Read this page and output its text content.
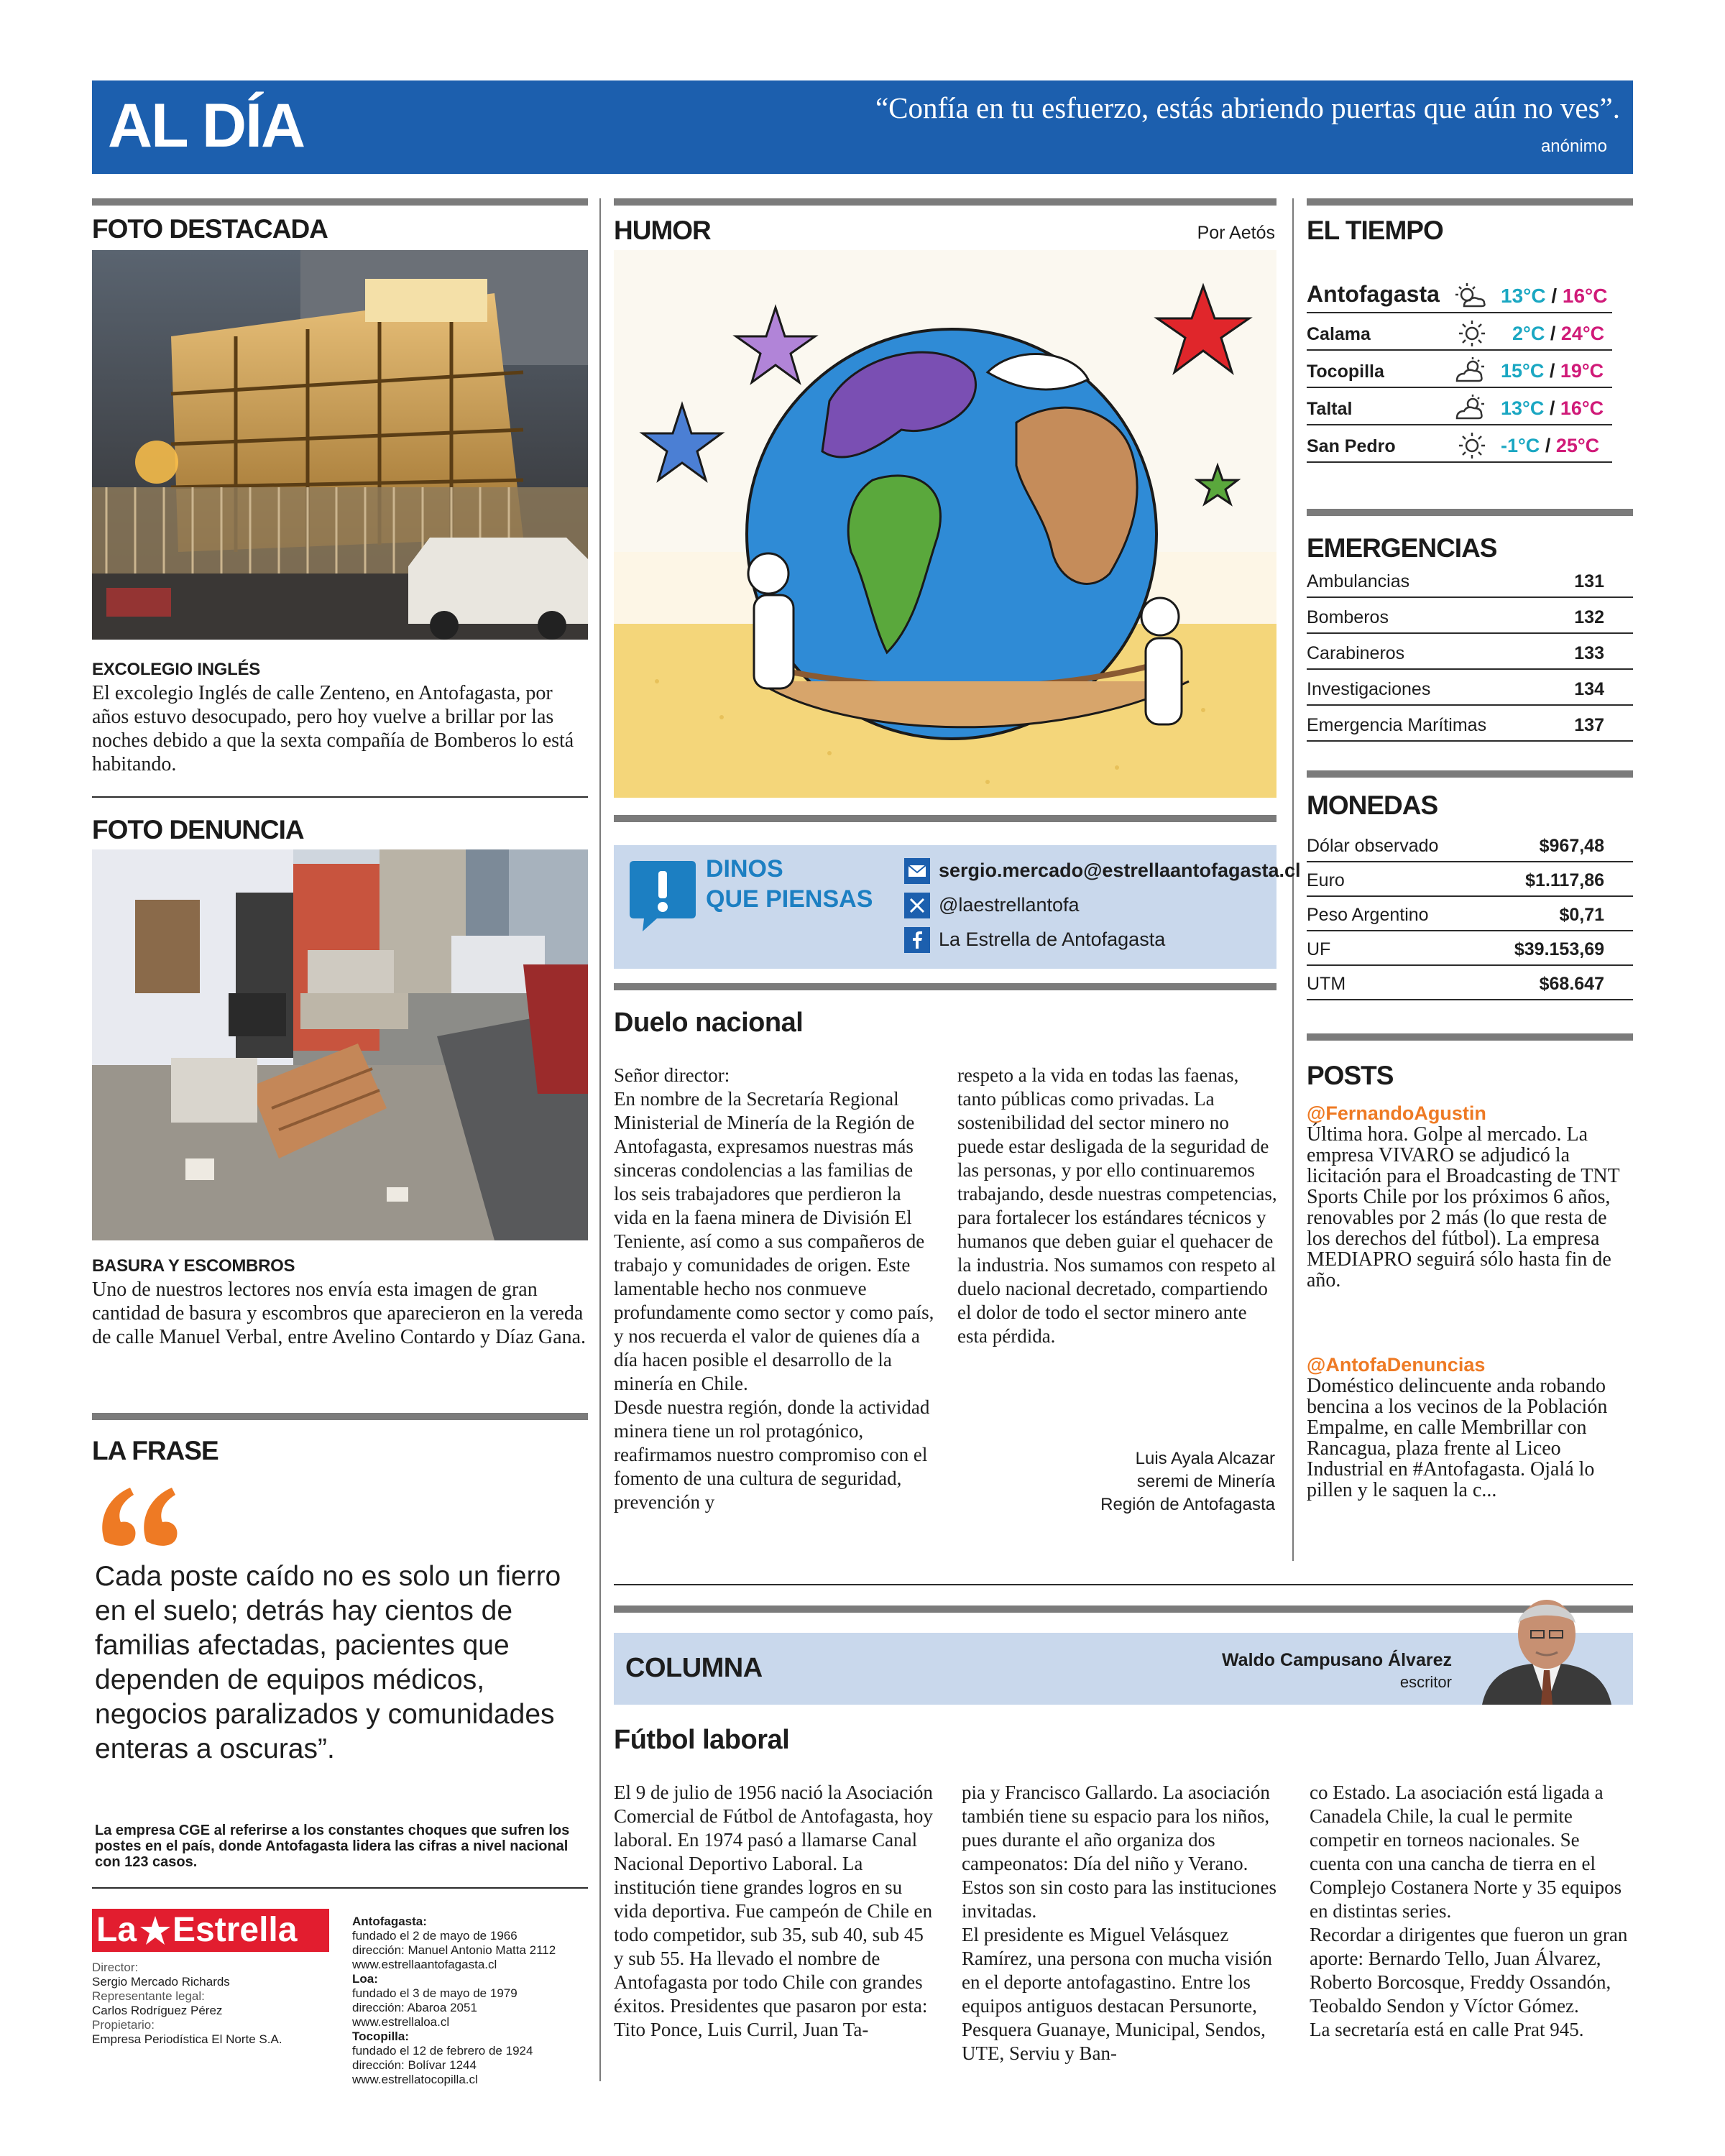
AL DÍA	“Confía en tu esfuerzo, estás abriendo puertas que aún no ves”.
anónimo
FOTO DESTACADA
EXCOLEGIO INGLÉS
El excolegio Inglés de calle Zenteno, en Antofagasta, por años estuvo desocupado, pero hoy vuelve a brillar por las noches debido a que la sexta compañía de Bomberos lo está habitando.
FOTO DENUNCIA
BASURA Y ESCOMBROS
Uno de nuestros lectores nos envía esta imagen de gran cantidad de basura y escombros que aparecieron en la vereda de calle Manuel Verbal, entre Avelino Contardo y Díaz Gana.
LA FRASE
Cada poste caído no es solo un fierro en el suelo; detrás hay cientos de familias afectadas, pacientes que dependen de equipos médicos, negocios paralizados y comunidades enteras a oscuras”.
La empresa CGE al referirse a los constantes choques que sufren los postes en el país, donde Antofagasta lidera las cifras a nivel nacional con 123 casos.
La Estrella
Director:
Sergio Mercado Richards
Representante legal:
Carlos Rodríguez Pérez
Propietario:
Empresa Periodística El Norte S.A.
Antofagasta:
fundado el 2 de mayo de 1966
dirección: Manuel Antonio Matta 2112
www.estrellaantofagasta.cl
Loa:
fundado el 3 de mayo de 1979
dirección: Abaroa 2051
www.estrellaloa.cl
Tocopilla:
fundado el 12 de febrero de 1924
dirección: Bolívar 1244
www.estrellatocopilla.cl
HUMOR	Por Aetós
DINOS
QUE PIENSAS
sergio.mercado@estrellaantofagasta.cl
@laestrellantofa
La Estrella de Antofagasta
Duelo nacional
Señor director:
En nombre de la Secretaría Regional Ministerial de Minería de la Región de Antofagasta, expresamos nuestras más sinceras condolencias a las familias de los seis trabajadores que perdieron la vida en la faena minera de División El Teniente, así como a sus compañeros de trabajo y comunidades de origen. Este lamentable hecho nos conmueve profundamente como sector y como país, y nos recuerda el valor de quienes día a día hacen posible el desarrollo de la minería en Chile.
Desde nuestra región, donde la actividad minera tiene un rol protagónico, reafirmamos nuestro compromiso con el fomento de una cultura de seguridad, prevención y
respeto a la vida en todas las faenas, tanto públicas como privadas. La sostenibilidad del sector minero no puede estar desligada de la seguridad de las personas, y por ello continuaremos trabajando, desde nuestras competencias, para fortalecer los estándares técnicos y humanos que deben guiar el quehacer de la industria. Nos sumamos con respeto al duelo nacional decretado, compartiendo el dolor de todo el sector minero ante esta pérdida.
Luis Ayala Alcazar
seremi de Minería
Región de Antofagasta
EL TIEMPO
Antofagasta	13°C / 16°C
Calama	2°C / 24°C
Tocopilla	15°C / 19°C
Taltal	13°C / 16°C
San Pedro	-1°C / 25°C
EMERGENCIAS
Ambulancias	131
Bomberos	132
Carabineros	133
Investigaciones	134
Emergencia Marítimas	137
MONEDAS
Dólar observado	$967,48
Euro	$1.117,86
Peso Argentino	$0,71
UF	$39.153,69
UTM	$68.647
POSTS
@FernandoAgustin
Última hora. Golpe al mercado. La empresa VIVARO se adjudicó la licitación para el Broadcasting de TNT Sports Chile por los próximos 6 años, renovables por 2 más (lo que resta de los derechos del fútbol). La empresa MEDIAPRO seguirá sólo hasta fin de año.
@AntofaDenuncias
Doméstico delincuente anda robando bencina a los vecinos de la Población Empalme, en calle Membrillar con Rancagua, plaza frente al Liceo Industrial en #Antofagasta. Ojalá lo pillen y le saquen la c...
COLUMNA	Waldo Campusano Álvarez
escritor
Fútbol laboral
El 9 de julio de 1956 nació la Asociación Comercial de Fútbol de Antofagasta, hoy laboral. En 1974 pasó a llamarse Canal Nacional Deportivo Laboral. La institución tiene grandes logros en su vida deportiva. Fue campeón de Chile en todo competidor, sub 35, sub 40, sub 45 y sub 55. Ha llevado el nombre de Antofagasta por todo Chile con grandes éxitos. Presidentes que pasaron por esta: Tito Ponce, Luis Curril, Juan Ta-
pia y Francisco Gallardo. La asociación también tiene su espacio para los niños, pues durante el año organiza dos campeonatos: Día del niño y Verano. Estos son sin costo para las instituciones invitadas.
El presidente es Miguel Velásquez Ramírez, una persona con mucha visión en el deporte antofagastino. Entre los equipos antiguos destacan Persunorte, Pesquera Guanaye, Municipal, Sendos, UTE, Serviu y Ban-
co Estado. La asociación está ligada a Canadela Chile, la cual le permite competir en torneos nacionales. Se cuenta con una cancha de tierra en el Complejo Costanera Norte y 35 equipos en distintas series.
Recordar a dirigentes que fueron un gran aporte: Bernardo Tello, Juan Álvarez, Roberto Borcosque, Freddy Ossandón, Teobaldo Sendon y Víctor Gómez.
La secretaría está en calle Prat 945.
